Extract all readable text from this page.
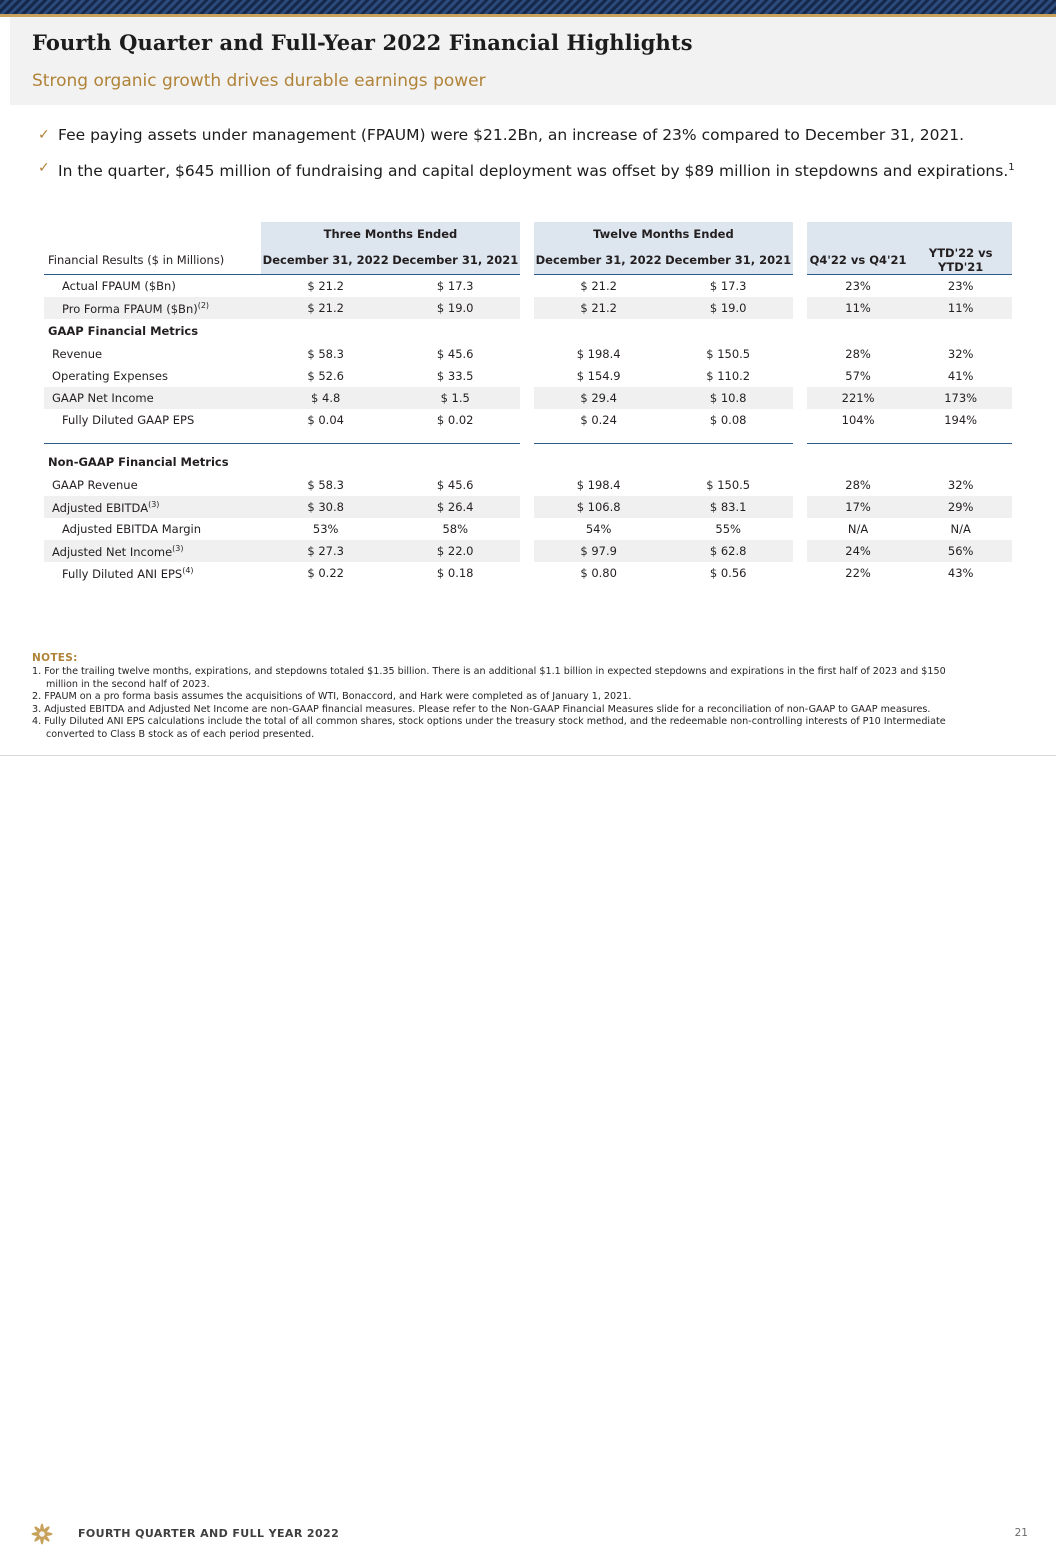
Fourth Quarter and Full-Year 2022 Financial Highlights
Strong organic growth drives durable earnings power
✓ Fee paying assets under management (FPAUM) were $21.2Bn, an increase of 23% compared to December 31, 2021.
✓ In the quarter, $645 million of fundraising and capital deployment was offset by $89 million in stepdowns and expirations.$^1$
	Three Months Ended			Twelve Months Ended				
Financial Results ($ in Millions)	December 31, 2022	December 31, 2021		December 31, 2022	December 31, 2021		Q4'22 vs Q4'21	YTD'22 vs YTD'21
Actual FPAUM ($Bn)	$ 21.2	$ 17.3		$ 21.2	$ 17.3		23%	23%
Pro Forma FPAUM ($Bn)$^{(2)}$	$ 21.2	$ 19.0		$ 21.2	$ 19.0		11%	11%
GAAP Financial Metrics								
Revenue	$ 58.3	$ 45.6		$ 198.4	$ 150.5		28%	32%
Operating Expenses	$ 52.6	$ 33.5		$ 154.9	$ 110.2		57%	41%
GAAP Net Income	$ 4.8	$ 1.5		$ 29.4	$ 10.8		221%	173%
Fully Diluted GAAP EPS	$ 0.04	$ 0.02		$ 0.24	$ 0.08		104%	194%

Non-GAAP Financial Metrics								
GAAP Revenue	$ 58.3	$ 45.6		$ 198.4	$ 150.5		28%	32%
Adjusted EBITDA$^{(3)}$	$ 30.8	$ 26.4		$ 106.8	$ 83.1		17%	29%
Adjusted EBITDA Margin	53%	58%		54%	55%		N/A	N/A
Adjusted Net Income$^{(3)}$	$ 27.3	$ 22.0		$ 97.9	$ 62.8		24%	56%
Fully Diluted ANI EPS$^{(4)}$	$ 0.22	$ 0.18		$ 0.80	$ 0.56		22%	43%
NOTES:
1. For the trailing twelve months, expirations, and stepdowns totaled $1.35 billion. There is an additional $1.1 billion in expected stepdowns and expirations in the first half of 2023 and $150
million in the second half of 2023.
2. FPAUM on a pro forma basis assumes the acquisitions of WTI, Bonaccord, and Hark were completed as of January 1, 2021.
3. Adjusted EBITDA and Adjusted Net Income are non-GAAP financial measures. Please refer to the Non-GAAP Financial Measures slide for a reconciliation of non-GAAP to GAAP measures.
4. Fully Diluted ANI EPS calculations include the total of all common shares, stock options under the treasury stock method, and the redeemable non-controlling interests of P10 Intermediate
converted to Class B stock as of each period presented.
FOURTH QUARTER AND FULL YEAR 2022	21
